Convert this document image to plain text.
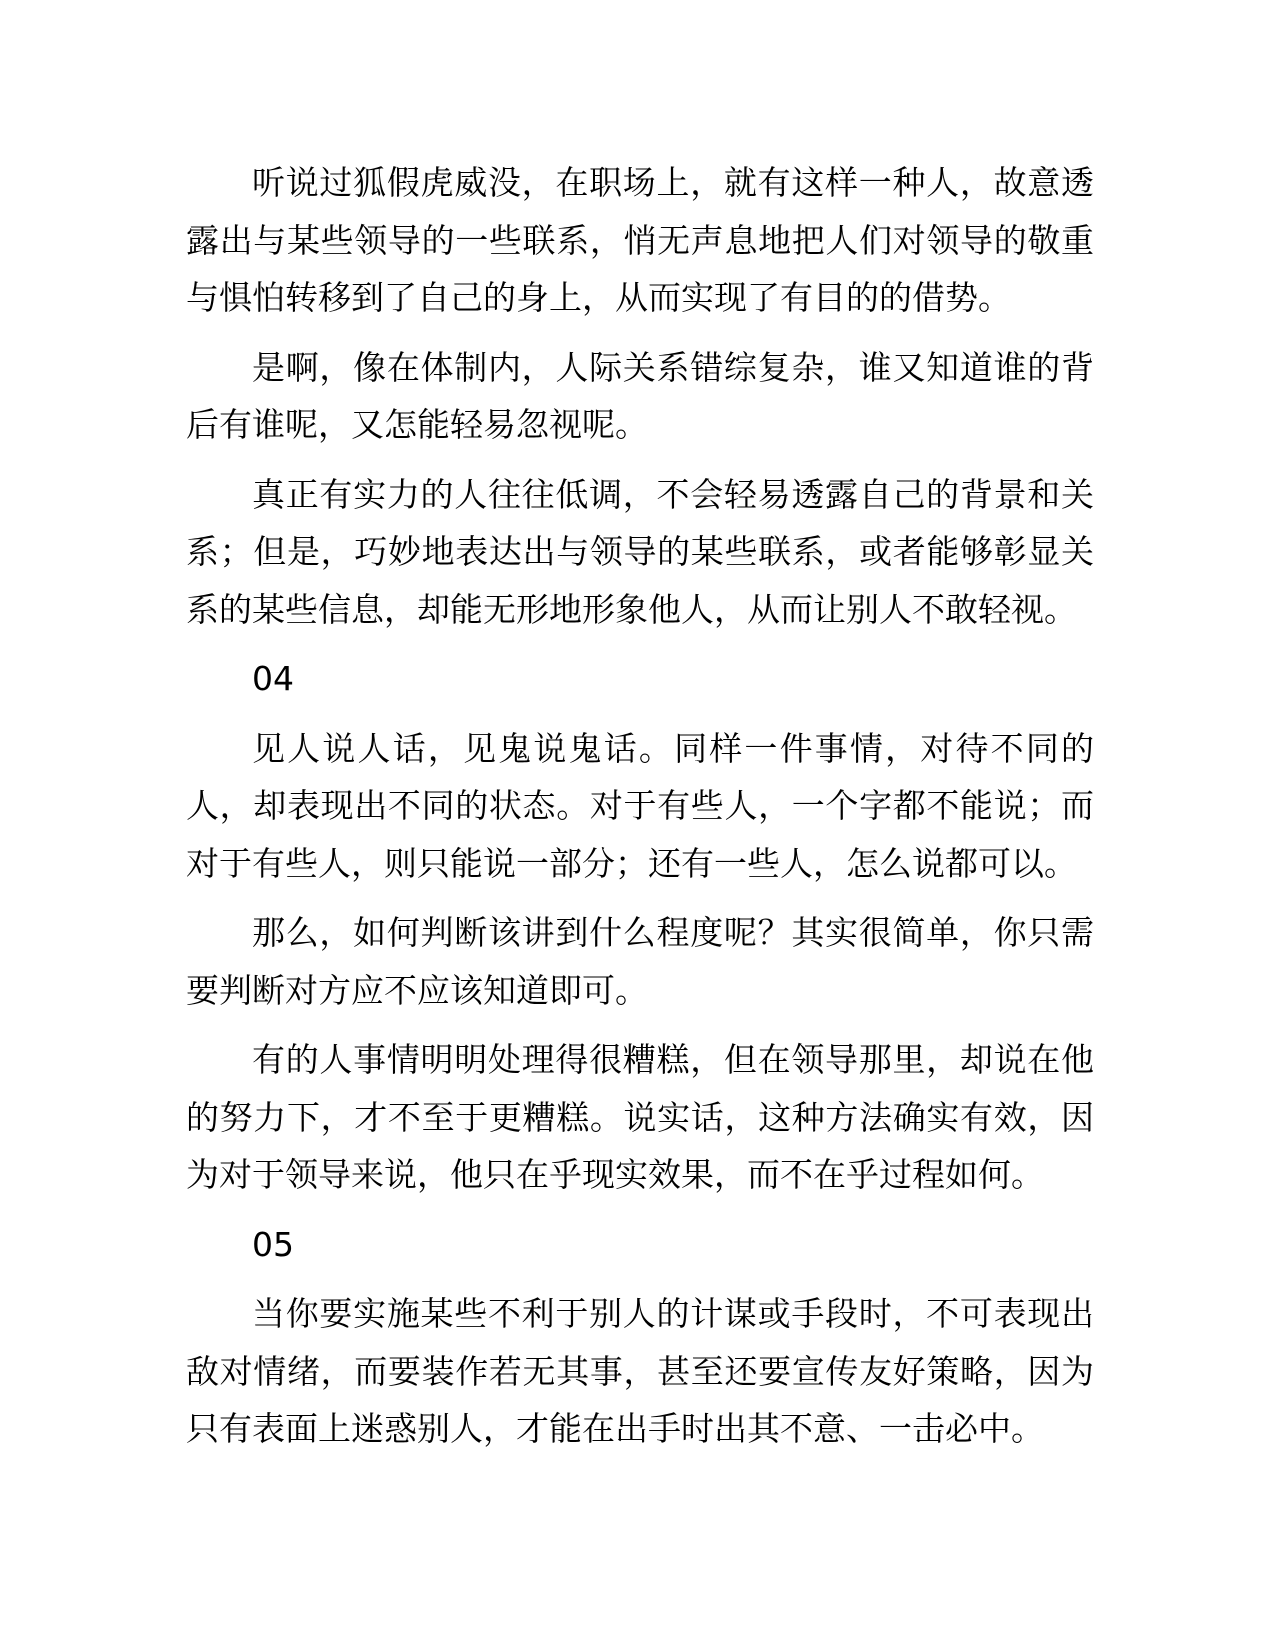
听说过狐假虎威没，在职场上，就有这样一种人，故意透露出与某些领导的一些联系，悄无声息地把人们对领导的敬重与惧怕转移到了自己的身上，从而实现了有目的的借势。

是啊，像在体制内，人际关系错综复杂，谁又知道谁的背后有谁呢，又怎能轻易忽视呢。

真正有实力的人往往低调，不会轻易透露自己的背景和关系；但是，巧妙地表达出与领导的某些联系，或者能够彰显关系的某些信息，却能无形地形象他人，从而让别人不敢轻视。

04

见人说人话，见鬼说鬼话。同样一件事情，对待不同的人，却表现出不同的状态。对于有些人，一个字都不能说；而对于有些人，则只能说一部分；还有一些人，怎么说都可以。

那么，如何判断该讲到什么程度呢？其实很简单，你只需要判断对方应不应该知道即可。

有的人事情明明处理得很糟糕，但在领导那里，却说在他的努力下，才不至于更糟糕。说实话，这种方法确实有效，因为对于领导来说，他只在乎现实效果，而不在乎过程如何。

05

当你要实施某些不利于别人的计谋或手段时，不可表现出敌对情绪，而要装作若无其事，甚至还要宣传友好策略，因为只有表面上迷惑别人，才能在出手时出其不意、一击必中。
